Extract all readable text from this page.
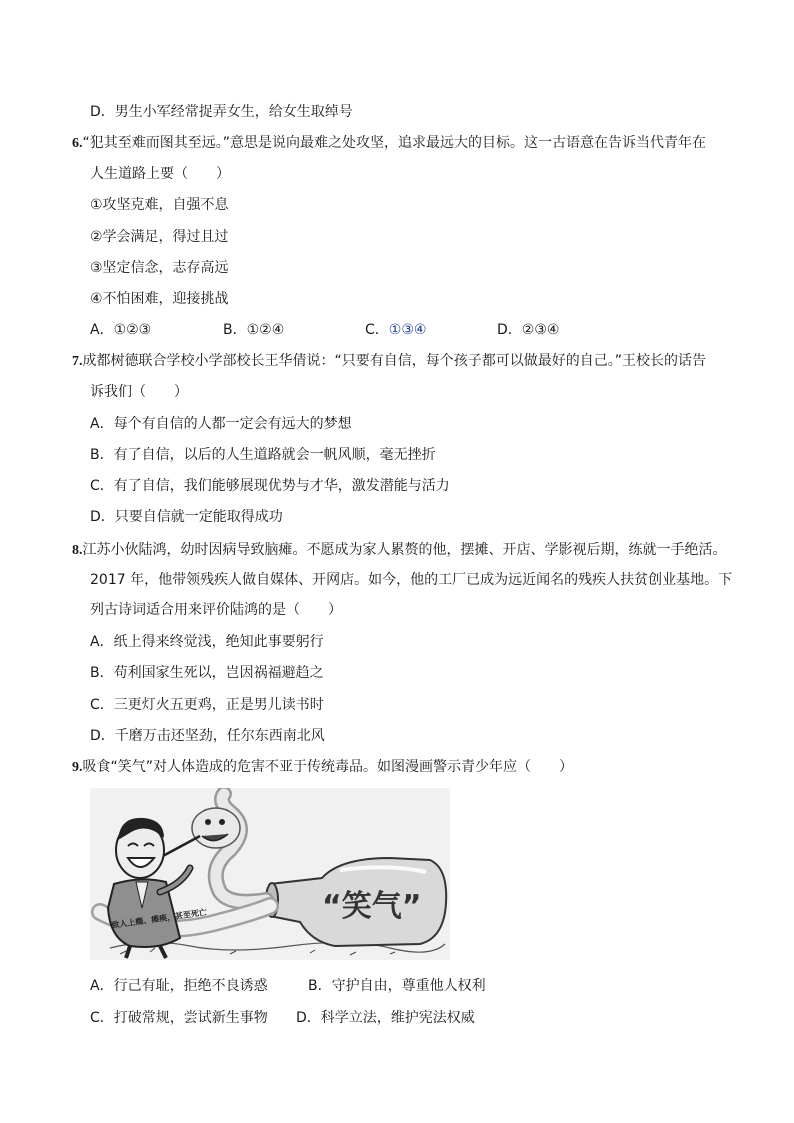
D．男生小军经常捉弄女生，给女生取绰号
6.“犯其至难而图其至远。”意思是说向最难之处攻坚，追求最远大的目标。这一古语意在告诉当代青年在
人生道路上要（　　）
①攻坚克难，自强不息
②学会满足，得过且过
③坚定信念，志存高远
④不怕困难，迎接挑战
A．①②③	B．①②④	C．①③④	D．②③④
7.成都树德联合学校小学部校长王华倩说：“只要有自信，每个孩子都可以做最好的自己。”王校长的话告
诉我们（　　）
A．每个有自信的人都一定会有远大的梦想
B．有了自信，以后的人生道路就会一帆风顺，毫无挫折
C．有了自信，我们能够展现优势与才华，激发潜能与活力
D．只要自信就一定能取得成功
8.江苏小伙陆鸿，幼时因病导致脑瘫。不愿成为家人累赘的他，摆摊、开店、学影视后期，练就一手绝活。
2017 年，他带领残疾人做自媒体、开网店。如今，他的工厂已成为远近闻名的残疾人扶贫创业基地。下
列古诗词适合用来评价陆鸿的是（　　）
A．纸上得来终觉浅，绝知此事要躬行
B．苟利国家生死以，岂因祸福避趋之
C．三更灯火五更鸡，正是男儿读书时
D．千磨万击还坚劲，任尔东西南北风
9.吸食“笑气”对人体造成的危害不亚于传统毒品。如图漫画警示青少年应（　　）
“笑气”
致人上瘾、瘫痪，甚至死亡
A．行己有耻，拒绝不良诱惑	B．守护自由，尊重他人权利
C．打破常规，尝试新生事物 D．科学立法，维护宪法权威
